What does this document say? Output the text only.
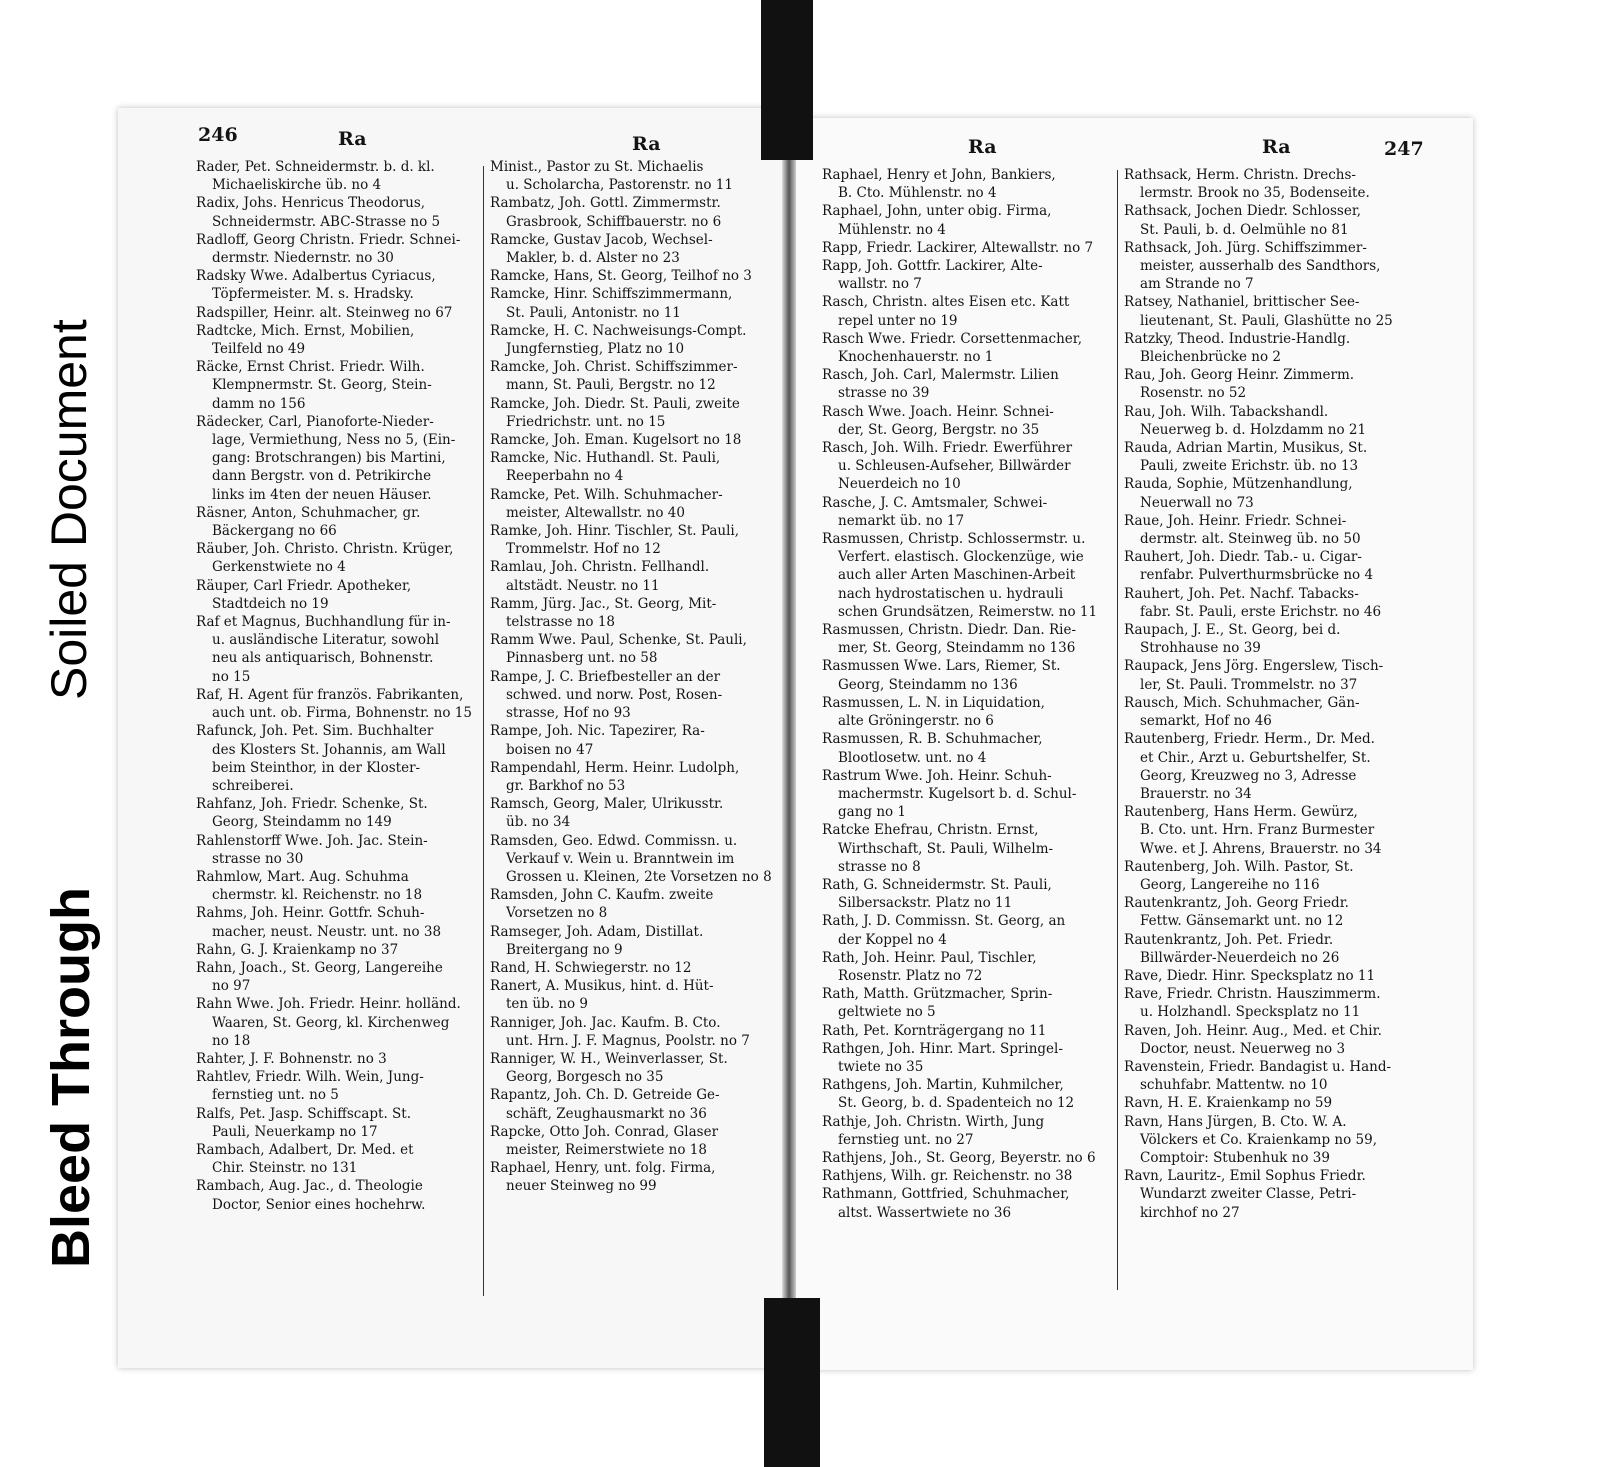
Soiled Document
Bleed Through
246	Ra	Ra	Ra	Ra	247

Rader, Pet. Schneidermstr. b. d. kl.
Michaeliskirche üb. no 4

Radix, Johs. Henricus Theodorus,
Schneidermstr. ABC-Strasse no 5

Radloff, Georg Christn. Friedr. Schnei-
dermstr. Niedernstr. no 30

Radsky Wwe. Adalbertus Cyriacus,
Töpfermeister. M. s. Hradsky.

Radspiller, Heinr. alt. Steinweg no 67

Radtcke, Mich. Ernst, Mobilien,
Teilfeld no 49

Räcke, Ernst Christ. Friedr. Wilh.
Klempnermstr. St. Georg, Stein-
damm no 156

Rädecker, Carl, Pianoforte-Nieder-
lage, Vermiethung, Ness no 5, (Ein-
gang: Brotschrangen) bis Martini,
dann Bergstr. von d. Petrikirche
links im 4ten der neuen Häuser.

Räsner, Anton, Schuhmacher, gr.
Bäckergang no 66

Räuber, Joh. Christo. Christn. Krüger,
Gerkenstwiete no 4

Räuper, Carl Friedr. Apotheker,
Stadtdeich no 19

Raf et Magnus, Buchhandlung für in-
u. ausländische Literatur, sowohl
neu als antiquarisch, Bohnenstr.
no 15

Raf, H. Agent für französ. Fabrikanten,
auch unt. ob. Firma, Bohnenstr. no 15

Rafunck, Joh. Pet. Sim. Buchhalter
des Klosters St. Johannis, am Wall
beim Steinthor, in der Kloster-
schreiberei.

Rahfanz, Joh. Friedr. Schenke, St.
Georg, Steindamm no 149

Rahlenstorff Wwe. Joh. Jac. Stein-
strasse no 30

Rahmlow, Mart. Aug. Schuhma
chermstr. kl. Reichenstr. no 18

Rahms, Joh. Heinr. Gottfr. Schuh-
macher, neust. Neustr. unt. no 38

Rahn, G. J. Kraienkamp no 37

Rahn, Joach., St. Georg, Langereihe
no 97

Rahn Wwe. Joh. Friedr. Heinr. holländ.
Waaren, St. Georg, kl. Kirchenweg
no 18

Rahter, J. F. Bohnenstr. no 3

Rahtlev, Friedr. Wilh. Wein, Jung-
fernstieg unt. no 5

Ralfs, Pet. Jasp. Schiffscapt. St.
Pauli, Neuerkamp no 17

Rambach, Adalbert, Dr. Med. et
Chir. Steinstr. no 131

Rambach, Aug. Jac., d. Theologie
Doctor, Senior eines hochehrw.

Minist., Pastor zu St. Michaelis
u. Scholarcha, Pastorenstr. no 11

Rambatz, Joh. Gottl. Zimmermstr.
Grasbrook, Schiffbauerstr. no 6

Ramcke, Gustav Jacob, Wechsel-
Makler, b. d. Alster no 23

Ramcke, Hans, St. Georg, Teilhof no 3

Ramcke, Hinr. Schiffszimmermann,
St. Pauli, Antonistr. no 11

Ramcke, H. C. Nachweisungs-Compt.
Jungfernstieg, Platz no 10

Ramcke, Joh. Christ. Schiffszimmer-
mann, St. Pauli, Bergstr. no 12

Ramcke, Joh. Diedr. St. Pauli, zweite
Friedrichstr. unt. no 15

Ramcke, Joh. Eman. Kugelsort no 18

Ramcke, Nic. Huthandl. St. Pauli,
Reeperbahn no 4

Ramcke, Pet. Wilh. Schuhmacher-
meister, Altewallstr. no 40

Ramke, Joh. Hinr. Tischler, St. Pauli,
Trommelstr. Hof no 12

Ramlau, Joh. Christn. Fellhandl.
altstädt. Neustr. no 11

Ramm, Jürg. Jac., St. Georg, Mit-
telstrasse no 18

Ramm Wwe. Paul, Schenke, St. Pauli,
Pinnasberg unt. no 58

Rampe, J. C. Briefbesteller an der
schwed. und norw. Post, Rosen-
strasse, Hof no 93

Rampe, Joh. Nic. Tapezirer, Ra-
boisen no 47

Rampendahl, Herm. Heinr. Ludolph,
gr. Barkhof no 53

Ramsch, Georg, Maler, Ulrikusstr.
üb. no 34

Ramsden, Geo. Edwd. Commissn. u.
Verkauf v. Wein u. Branntwein im
Grossen u. Kleinen, 2te Vorsetzen no 8

Ramsden, John C. Kaufm. zweite
Vorsetzen no 8

Ramseger, Joh. Adam, Distillat.
Breitergang no 9

Rand, H. Schwiegerstr. no 12

Ranert, A. Musikus, hint. d. Hüt-
ten üb. no 9

Ranniger, Joh. Jac. Kaufm. B. Cto.
unt. Hrn. J. F. Magnus, Poolstr. no 7

Ranniger, W. H., Weinverlasser, St.
Georg, Borgesch no 35

Rapantz, Joh. Ch. D. Getreide Ge-
schäft, Zeughausmarkt no 36

Rapcke, Otto Joh. Conrad, Glaser
meister, Reimerstwiete no 18

Raphael, Henry, unt. folg. Firma,
neuer Steinweg no 99

Raphael, Henry et John, Bankiers,
B. Cto. Mühlenstr. no 4

Raphael, John, unter obig. Firma,
Mühlenstr. no 4

Rapp, Friedr. Lackirer, Altewallstr. no 7

Rapp, Joh. Gottfr. Lackirer, Alte-
wallstr. no 7

Rasch, Christn. altes Eisen etc. Katt
repel unter no 19

Rasch Wwe. Friedr. Corsettenmacher,
Knochenhauerstr. no 1

Rasch, Joh. Carl, Malermstr. Lilien
strasse no 39

Rasch Wwe. Joach. Heinr. Schnei-
der, St. Georg, Bergstr. no 35

Rasch, Joh. Wilh. Friedr. Ewerführer
u. Schleusen-Aufseher, Billwärder
Neuerdeich no 10

Rasche, J. C. Amtsmaler, Schwei-
nemarkt üb. no 17

Rasmussen, Christp. Schlossermstr. u.
Verfert. elastisch. Glockenzüge, wie
auch aller Arten Maschinen-Arbeit
nach hydrostatischen u. hydrauli
schen Grundsätzen, Reimerstw. no 11

Rasmussen, Christn. Diedr. Dan. Rie-
mer, St. Georg, Steindamm no 136

Rasmussen Wwe. Lars, Riemer, St.
Georg, Steindamm no 136

Rasmussen, L. N. in Liquidation,
alte Gröningerstr. no 6

Rasmussen, R. B. Schuhmacher,
Blootlosetw. unt. no 4

Rastrum Wwe. Joh. Heinr. Schuh-
machermstr. Kugelsort b. d. Schul-
gang no 1

Ratcke Ehefrau, Christn. Ernst,
Wirthschaft, St. Pauli, Wilhelm-
strasse no 8

Rath, G. Schneidermstr. St. Pauli,
Silbersackstr. Platz no 11

Rath, J. D. Commissn. St. Georg, an
der Koppel no 4

Rath, Joh. Heinr. Paul, Tischler,
Rosenstr. Platz no 72

Rath, Matth. Grützmacher, Sprin-
geltwiete no 5

Rath, Pet. Kornträgergang no 11

Rathgen, Joh. Hinr. Mart. Springel-
twiete no 35

Rathgens, Joh. Martin, Kuhmilcher,
St. Georg, b. d. Spadenteich no 12

Rathje, Joh. Christn. Wirth, Jung
fernstieg unt. no 27

Rathjens, Joh., St. Georg, Beyerstr. no 6

Rathjens, Wilh. gr. Reichenstr. no 38

Rathmann, Gottfried, Schuhmacher,
altst. Wassertwiete no 36

Rathsack, Herm. Christn. Drechs-
lermstr. Brook no 35, Bodenseite.

Rathsack, Jochen Diedr. Schlosser,
St. Pauli, b. d. Oelmühle no 81

Rathsack, Joh. Jürg. Schiffszimmer-
meister, ausserhalb des Sandthors,
am Strande no 7

Ratsey, Nathaniel, brittischer See-
lieutenant, St. Pauli, Glashütte no 25

Ratzky, Theod. Industrie-Handlg.
Bleichenbrücke no 2

Rau, Joh. Georg Heinr. Zimmerm.
Rosenstr. no 52

Rau, Joh. Wilh. Tabackshandl.
Neuerweg b. d. Holzdamm no 21

Rauda, Adrian Martin, Musikus, St.
Pauli, zweite Erichstr. üb. no 13

Rauda, Sophie, Mützenhandlung,
Neuerwall no 73

Raue, Joh. Heinr. Friedr. Schnei-
dermstr. alt. Steinweg üb. no 50

Rauhert, Joh. Diedr. Tab.- u. Cigar-
renfabr. Pulverthurmsbrücke no 4

Rauhert, Joh. Pet. Nachf. Tabacks-
fabr. St. Pauli, erste Erichstr. no 46

Raupach, J. E., St. Georg, bei d.
Strohhause no 39

Raupack, Jens Jörg. Engerslew, Tisch-
ler, St. Pauli. Trommelstr. no 37

Rausch, Mich. Schuhmacher, Gän-
semarkt, Hof no 46

Rautenberg, Friedr. Herm., Dr. Med.
et Chir., Arzt u. Geburtshelfer, St.
Georg, Kreuzweg no 3, Adresse
Brauerstr. no 34

Rautenberg, Hans Herm. Gewürz,
B. Cto. unt. Hrn. Franz Burmester
Wwe. et J. Ahrens, Brauerstr. no 34

Rautenberg, Joh. Wilh. Pastor, St.
Georg, Langereihe no 116

Rautenkrantz, Joh. Georg Friedr.
Fettw. Gänsemarkt unt. no 12

Rautenkrantz, Joh. Pet. Friedr.
Billwärder-Neuerdeich no 26

Rave, Diedr. Hinr. Specksplatz no 11

Rave, Friedr. Christn. Hauszimmerm.
u. Holzhandl. Specksplatz no 11

Raven, Joh. Heinr. Aug., Med. et Chir.
Doctor, neust. Neuerweg no 3

Ravenstein, Friedr. Bandagist u. Hand-
schuhfabr. Mattentw. no 10

Ravn, H. E. Kraienkamp no 59

Ravn, Hans Jürgen, B. Cto. W. A.
Völckers et Co. Kraienkamp no 59,
Comptoir: Stubenhuk no 39

Ravn, Lauritz-, Emil Sophus Friedr.
Wundarzt zweiter Classe, Petri-
kirchhof no 27
